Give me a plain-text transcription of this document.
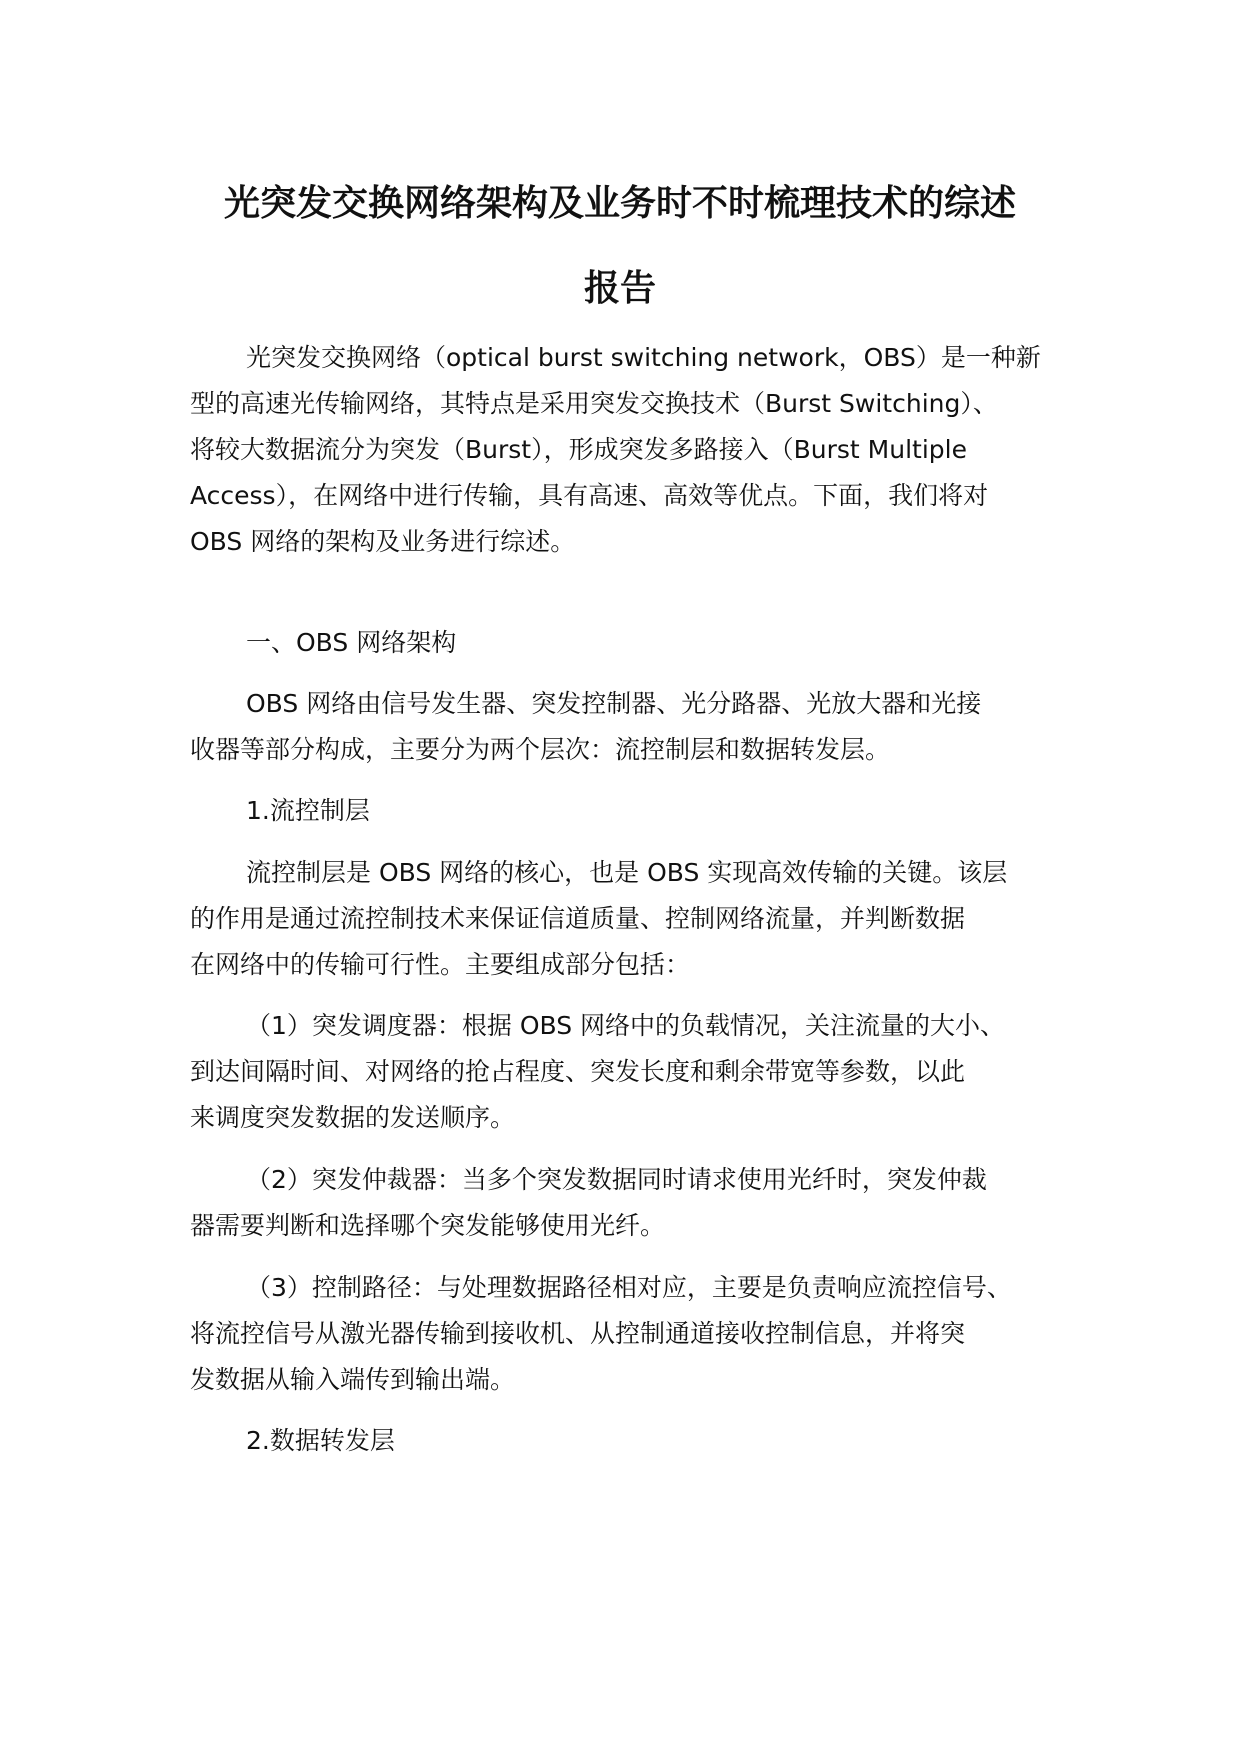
光突发交换网络架构及业务时不时梳理技术的综述
报告

光突发交换网络（optical burst switching network，OBS）是一种新
型的高速光传输网络，其特点是采用突发交换技术（Burst Switching）、
将较大数据流分为突发（Burst），形成突发多路接入（Burst Multiple
Access），在网络中进行传输，具有高速、高效等优点。下面，我们将对
OBS 网络的架构及业务进行综述。

一、OBS 网络架构

OBS 网络由信号发生器、突发控制器、光分路器、光放大器和光接
收器等部分构成，主要分为两个层次：流控制层和数据转发层。

1.流控制层

流控制层是 OBS 网络的核心，也是 OBS 实现高效传输的关键。该层
的作用是通过流控制技术来保证信道质量、控制网络流量，并判断数据
在网络中的传输可行性。主要组成部分包括：

（1）突发调度器：根据 OBS 网络中的负载情况，关注流量的大小、
到达间隔时间、对网络的抢占程度、突发长度和剩余带宽等参数，以此
来调度突发数据的发送顺序。

（2）突发仲裁器：当多个突发数据同时请求使用光纤时，突发仲裁
器需要判断和选择哪个突发能够使用光纤。

（3）控制路径：与处理数据路径相对应，主要是负责响应流控信号、
将流控信号从激光器传输到接收机、从控制通道接收控制信息，并将突
发数据从输入端传到输出端。

2.数据转发层
